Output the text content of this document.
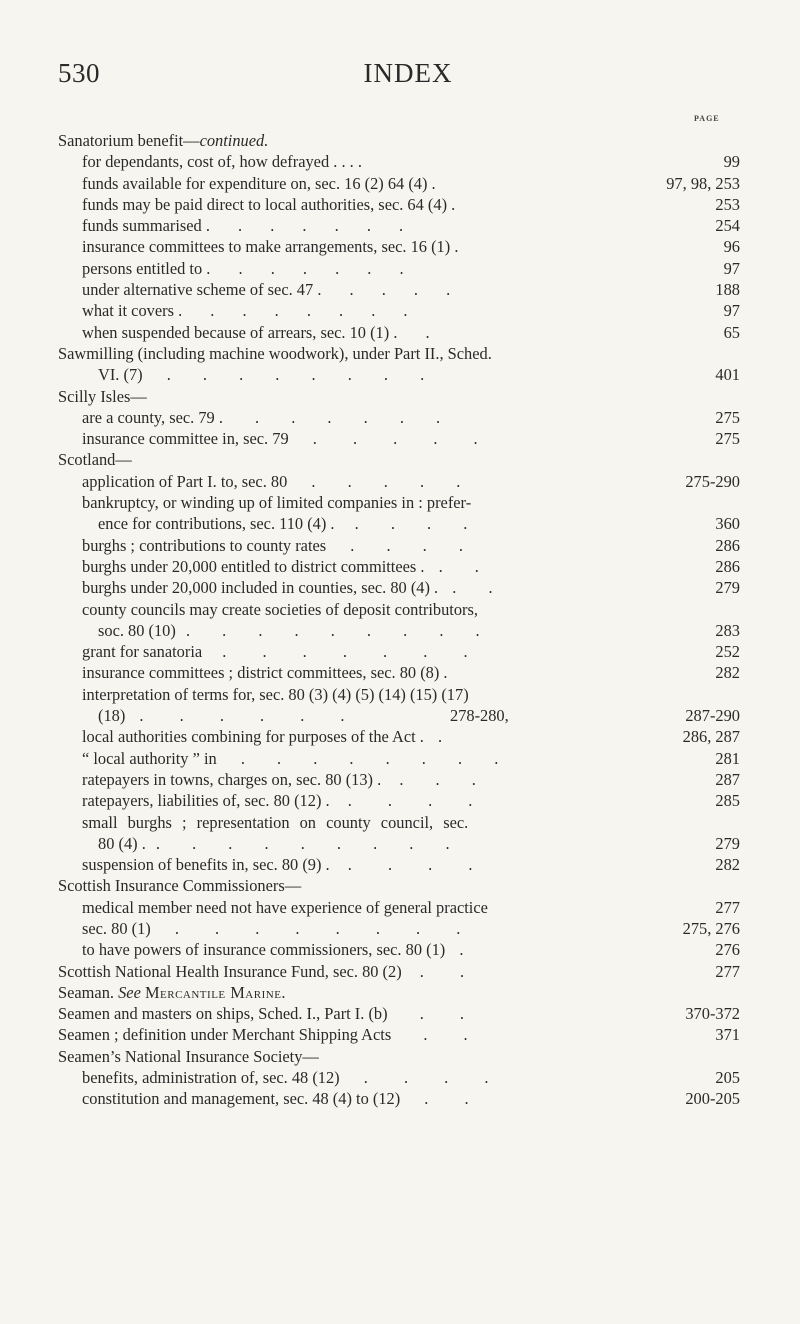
530	INDEX
PAGE
Sanatorium benefit—continued.
for dependants, cost of, how defrayed . . . .	99
funds available for expenditure on, sec. 16 (2) 64 (4) .	97, 98, 253
funds may be paid direct to local authorities, sec. 64 (4) .	253
funds summarised . . . . . . .	254
insurance committees to make arrangements, sec. 16 (1) .	96
persons entitled to . . . . . . .	97
under alternative scheme of sec. 47 . . . . .	188
what it covers . . . . . . . .	97
when suspended because of arrears, sec. 10 (1) . .	65
Sawmilling (including machine woodwork), under Part II., Sched.
VI. (7) . . . . . . . .	401
Scilly Isles—
are a county, sec. 79 . . . . . . .	275
insurance committee in, sec. 79 . . . . .	275
Scotland—
application of Part I. to, sec. 80 . . . . .	275-290
bankruptcy, or winding up of limited companies in : prefer-
ence for contributions, sec. 110 (4) . . . . .	360
burghs ; contributions to county rates . . . .	286
burghs under 20,000 entitled to district committees . . .	286
burghs under 20,000 included in counties, sec. 80 (4) . . .	279
county councils may create societies of deposit contributors,
soc. 80 (10) . . . . . . . . .	283
grant for sanatoria . . . . . . .	252
insurance committees ; district committees, sec. 80 (8) .	282
interpretation of terms for, sec. 80 (3) (4) (5) (14) (15) (17)
(18) . . . . . .	278-280,	287-290
local authorities combining for purposes of the Act . .	286, 287
“ local authority ” in . . . . . . . .	281
ratepayers in towns, charges on, sec. 80 (13) . . . .	287
ratepayers, liabilities of, sec. 80 (12) . . . . .	285
small burghs ; representation on county council, sec.
80 (4) . . . . . . . . . .	279
suspension of benefits in, sec. 80 (9) . . . . .	282
Scottish Insurance Commissioners—
medical member need not have experience of general practice	277
sec. 80 (1) . . . . . . . .	275, 276
to have powers of insurance commissioners, sec. 80 (1) .	276
Scottish National Health Insurance Fund, sec. 80 (2) . .	277
Seaman. See Mercantile Marine.
Seamen and masters on ships, Sched. I., Part I. (b) . .	370-372
Seamen ; definition under Merchant Shipping Acts . .	371
Seamen’s National Insurance Society—
benefits, administration of, sec. 48 (12) . . . .	205
constitution and management, sec. 48 (4) to (12) . .	200-205
